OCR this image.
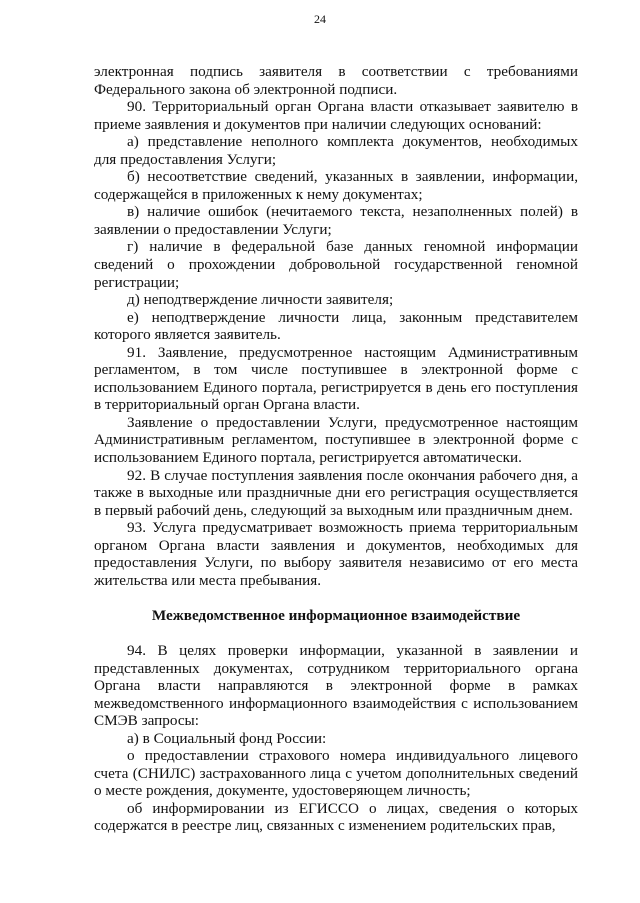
24

электронная подпись заявителя в соответствии с требованиями Федерального закона об электронной подписи.

90. Территориальный орган Органа власти отказывает заявителю в приеме заявления и документов при наличии следующих оснований:

а) представление неполного комплекта документов, необходимых для предоставления Услуги;

б) несоответствие сведений, указанных в заявлении, информации, содержащейся в приложенных к нему документах;

в) наличие ошибок (нечитаемого текста, незаполненных полей) в заявлении о предоставлении Услуги;

г) наличие в федеральной базе данных геномной информации сведений о прохождении добровольной государственной геномной регистрации;

д) неподтверждение личности заявителя;

е) неподтверждение личности лица, законным представителем которого является заявитель.

91. Заявление, предусмотренное настоящим Административным регламентом, в том числе поступившее в электронной форме с использованием Единого портала, регистрируется в день его поступления в территориальный орган Органа власти.

Заявление о предоставлении Услуги, предусмотренное настоящим Административным регламентом, поступившее в электронной форме с использованием Единого портала, регистрируется автоматически.

92. В случае поступления заявления после окончания рабочего дня, а также в выходные или праздничные дни его регистрация осуществляется в первый рабочий день, следующий за выходным или праздничным днем.

93. Услуга предусматривает возможность приема территориальным органом Органа власти заявления и документов, необходимых для предоставления Услуги, по выбору заявителя независимо от его места жительства или места пребывания.

Межведомственное информационное взаимодействие

94. В целях проверки информации, указанной в заявлении и представленных документах, сотрудником территориального органа Органа власти направляются в электронной форме в рамках межведомственного информационного взаимодействия с использованием СМЭВ запросы:

а) в Социальный фонд России:

о предоставлении страхового номера индивидуального лицевого счета (СНИЛС) застрахованного лица с учетом дополнительных сведений о месте рождения, документе, удостоверяющем личность;

об информировании из ЕГИССО о лицах, сведения о которых содержатся в реестре лиц, связанных с изменением родительских прав,
